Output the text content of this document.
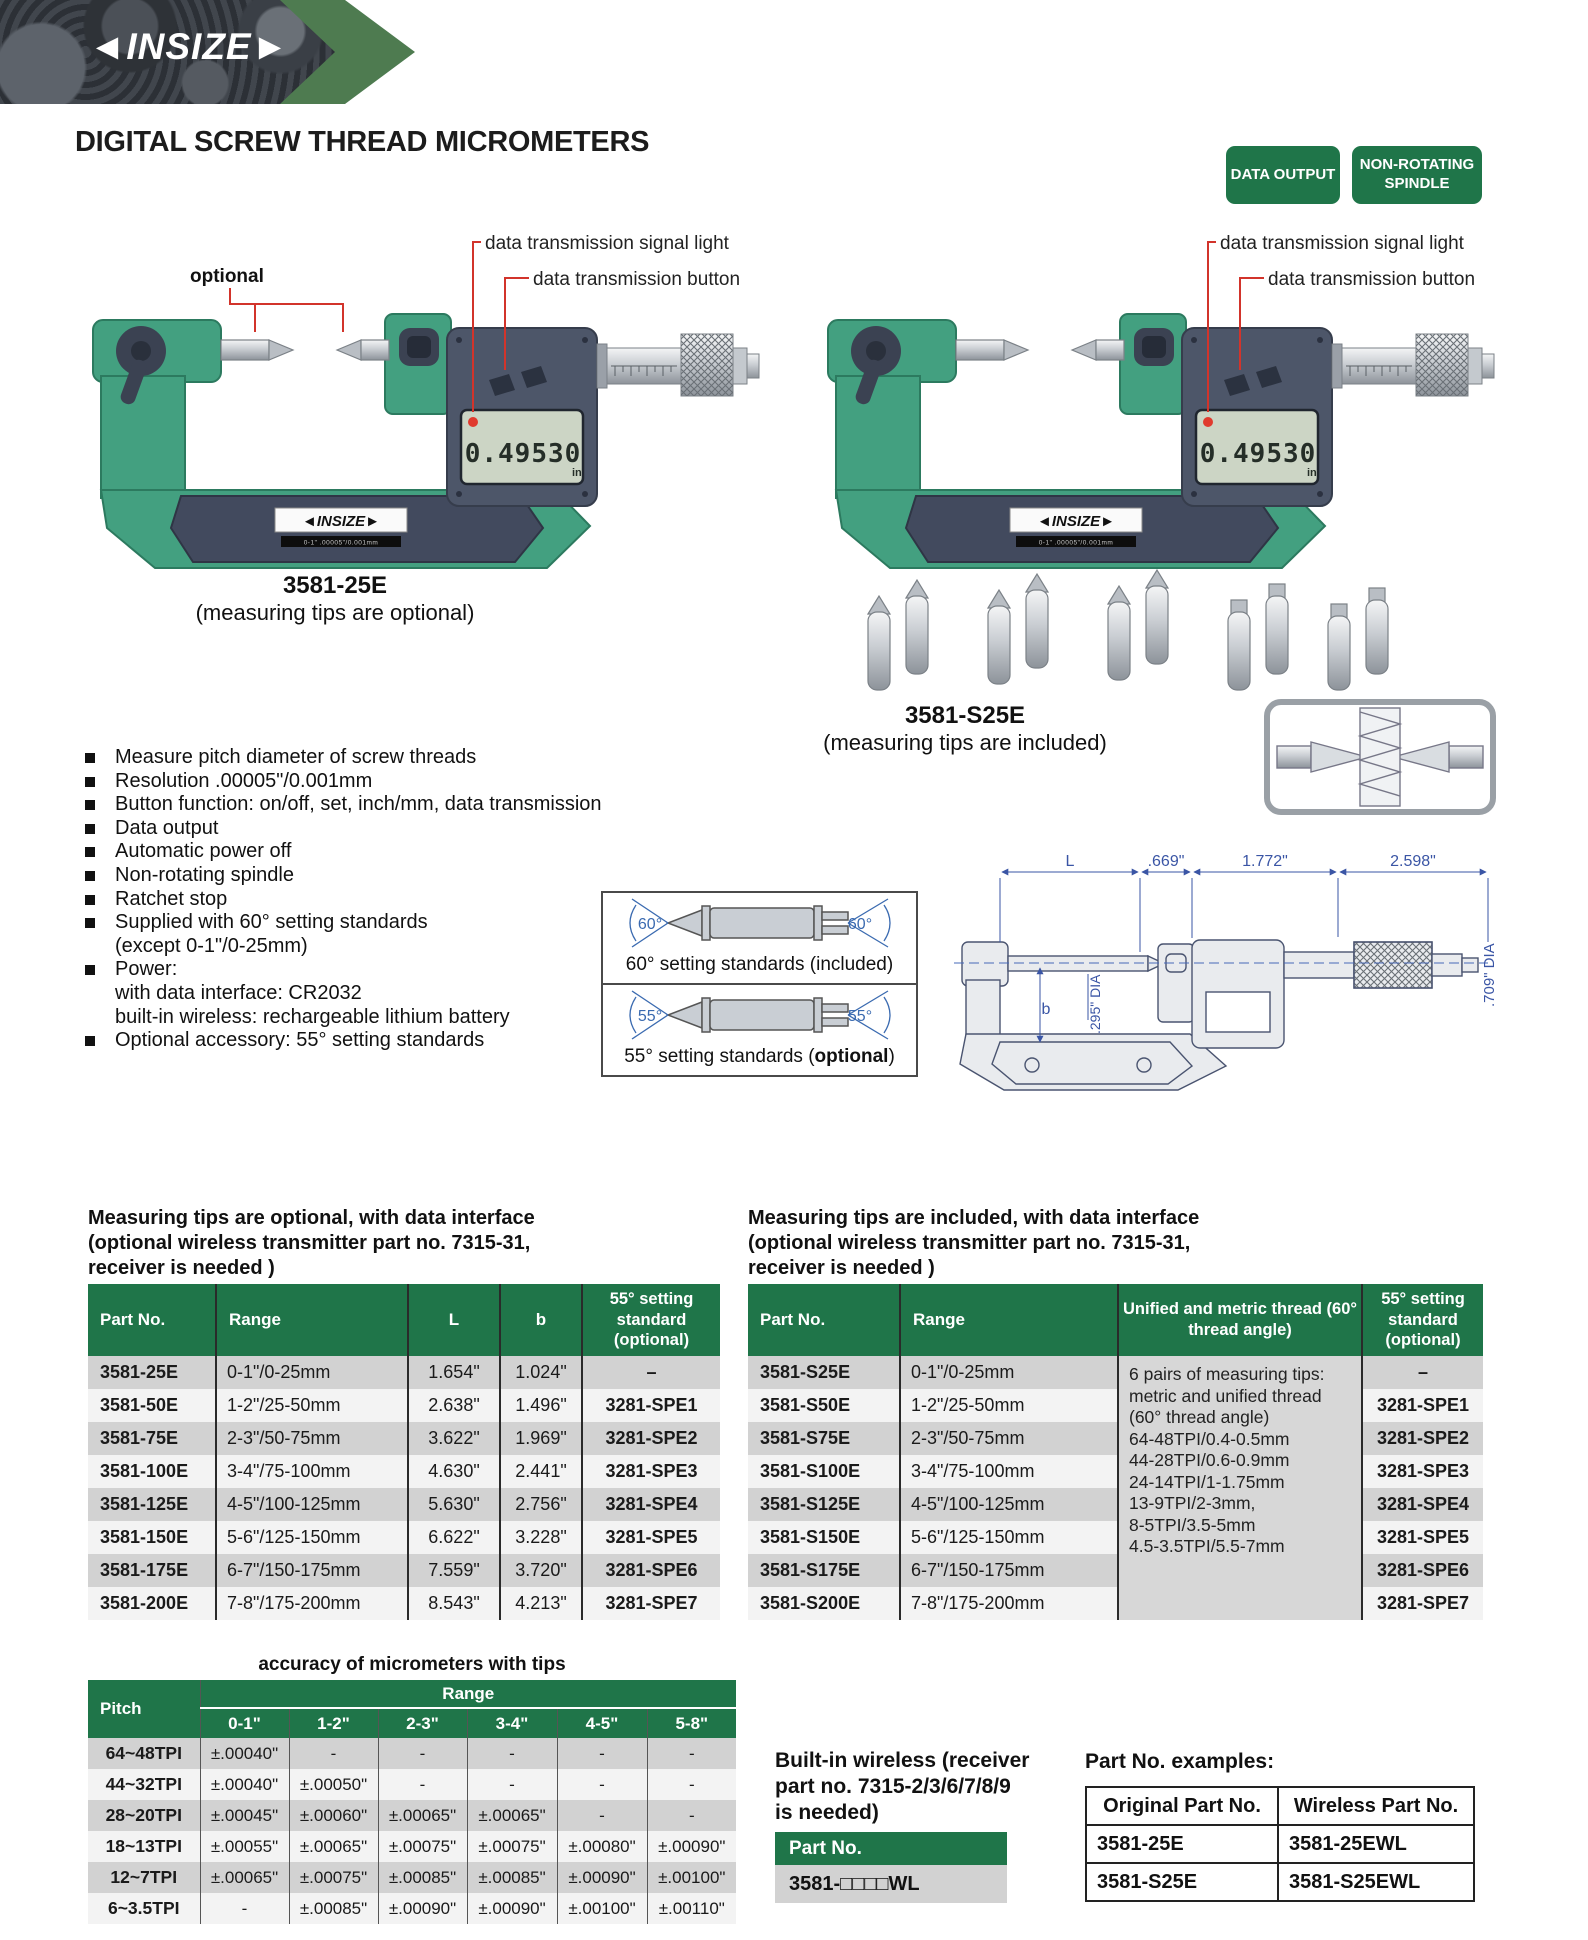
◄INSIZE►
DIGITAL SCREW THREAD MICROMETERS
DATA OUTPUT
NON-ROTATING SPINDLE
data transmission signal light
data transmission button
optional
3581-25E
(measuring tips are optional)
data transmission signal light
data transmission button
3581-S25E
(measuring tips are included)
Measure pitch diameter of screw threads
Resolution .00005"/0.001mm
Button function: on/off, set, inch/mm, data transmission
Data output
Automatic power off
Non-rotating spindle
Ratchet stop
Supplied with 60° setting standards
(except 0-1"/0-25mm)
Power:
with data interface: CR2032
built-in wireless: rechargeable lithium battery
Optional accessory: 55° setting standards
60°	60°
60° setting standards (included)
55°	55°
55° setting standards (optional)
L	.669"	1.772"	2.598"
.709" DIA
.295" DIA
b
Measuring tips are optional, with data interface
(optional wireless transmitter part no. 7315-31,
receiver is needed )
Part No.	Range	L	b	55° setting standard (optional)
3581-25E	0-1"/0-25mm	1.654"	1.024"	–
3581-50E	1-2"/25-50mm	2.638"	1.496"	3281-SPE1
3581-75E	2-3"/50-75mm	3.622"	1.969"	3281-SPE2
3581-100E	3-4"/75-100mm	4.630"	2.441"	3281-SPE3
3581-125E	4-5"/100-125mm	5.630"	2.756"	3281-SPE4
3581-150E	5-6"/125-150mm	6.622"	3.228"	3281-SPE5
3581-175E	6-7"/150-175mm	7.559"	3.720"	3281-SPE6
3581-200E	7-8"/175-200mm	8.543"	4.213"	3281-SPE7
Measuring tips are included, with data interface
(optional wireless transmitter part no. 7315-31,
receiver is needed )
Part No.	Range	Unified and metric thread (60° thread angle)	55° setting standard (optional)
3581-S25E	0-1"/0-25mm	6 pairs of measuring tips:
metric and unified thread
(60° thread angle)
64-48TPI/0.4-0.5mm
44-28TPI/0.6-0.9mm
24-14TPI/1-1.75mm
13-9TPI/2-3mm,
8-5TPI/3.5-5mm
4.5-3.5TPI/5.5-7mm
	–
3581-S50E	1-2"/25-50mm		3281-SPE1
3581-S75E	2-3"/50-75mm		3281-SPE2
3581-S100E	3-4"/75-100mm		3281-SPE3
3581-S125E	4-5"/100-125mm		3281-SPE4
3581-S150E	5-6"/125-150mm		3281-SPE5
3581-S175E	6-7"/150-175mm		3281-SPE6
3581-S200E	7-8"/175-200mm		3281-SPE7
accuracy of micrometers with tips
Pitch	Range					
	0-1"	1-2"	2-3"	3-4"	4-5"	5-8"
64~48TPI	±.00040"	-	-	-	-	-
44~32TPI	±.00040"	±.00050"	-	-	-	-
28~20TPI	±.00045"	±.00060"	±.00065"	±.00065"	-	-
18~13TPI	±.00055"	±.00065"	±.00075"	±.00075"	±.00080"	±.00090"
12~7TPI	±.00065"	±.00075"	±.00085"	±.00085"	±.00090"	±.00100"
6~3.5TPI	-	±.00085"	±.00090"	±.00090"	±.00100"	±.00110"
Built-in wireless (receiver
part no. 7315-2/3/6/7/8/9
is needed)
Part No.
3581-□□□□WL
Part No. examples:
Original Part No.	Wireless Part No.
3581-25E	3581-25EWL
3581-S25E	3581-S25EWL
